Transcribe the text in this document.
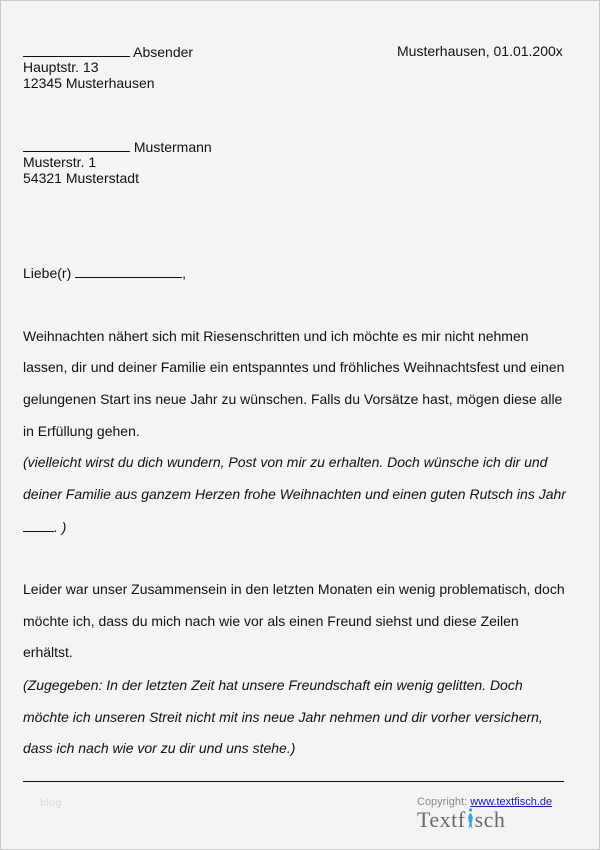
Absender
Hauptstr. 13
12345 Musterhausen
Musterhausen, 01.01.200x
Mustermann
Musterstr. 1
54321 Musterstadt
Liebe(r)	,
Weihnachten nähert sich mit Riesenschritten und ich möchte es mir nicht nehmen
lassen, dir und deiner Familie ein entspanntes und fröhliches Weihnachtsfest und einen
gelungenen Start ins neue Jahr zu wünschen. Falls du Vorsätze hast, mögen diese alle
in Erfüllung gehen.
(vielleicht wirst du dich wundern, Post von mir zu erhalten. Doch wünsche ich dir und
deiner Familie aus ganzem Herzen frohe Weihnachten und einen guten Rutsch ins Jahr
. )
Leider war unser Zusammensein in den letzten Monaten ein wenig problematisch, doch
möchte ich, dass du mich nach wie vor als einen Freund siehst und diese Zeilen
erhältst.
(Zugegeben: In der letzten Zeit hat unsere Freundschaft ein wenig gelitten. Doch
möchte ich unseren Streit nicht mit ins neue Jahr nehmen und dir vorher versichern,
dass ich nach wie vor zu dir und uns stehe.)
blog	Copyright: www.textfisch.de
Textf sch
